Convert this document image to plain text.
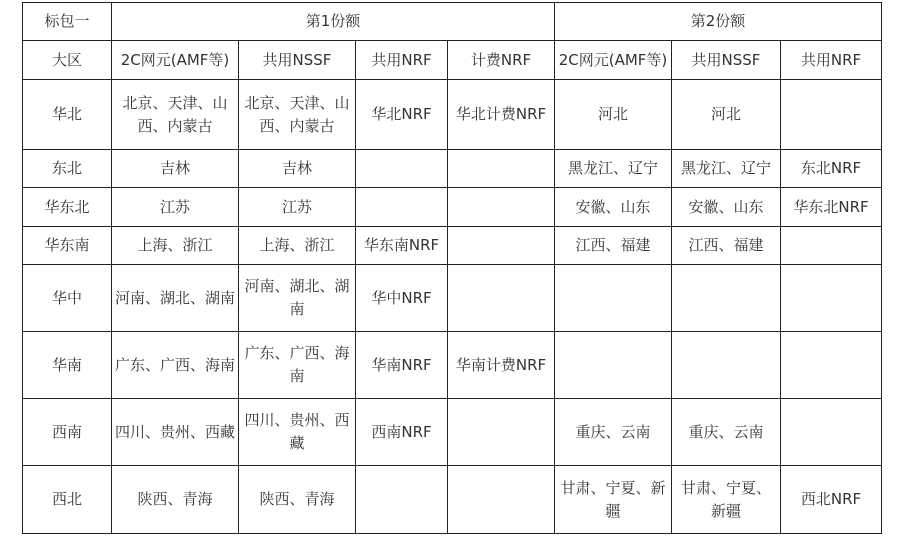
标包一	第1份额				第2份额		
大区	2C网元(AMF等)	共用NSSF	共用NRF	计费NRF	2C网元(AMF等)	共用NSSF	共用NRF
华北	北京、天津、山西、内蒙古	北京、天津、山西、内蒙古	华北NRF	华北计费NRF	河北	河北	
东北	吉林	吉林			黑龙江、辽宁	黑龙江、辽宁	东北NRF
华东北	江苏	江苏			安徽、山东	安徽、山东	华东北NRF
华东南	上海、浙江	上海、浙江	华东南NRF		江西、福建	江西、福建	
华中	河南、湖北、湖南	河南、湖北、湖南	华中NRF				
华南	广东、广西、海南	广东、广西、海南	华南NRF	华南计费NRF			
西南	四川、贵州、西藏	四川、贵州、西藏	西南NRF		重庆、云南	重庆、云南	
西北	陕西、青海	陕西、青海			甘肃、宁夏、新疆	甘肃、宁夏、新疆	西北NRF
